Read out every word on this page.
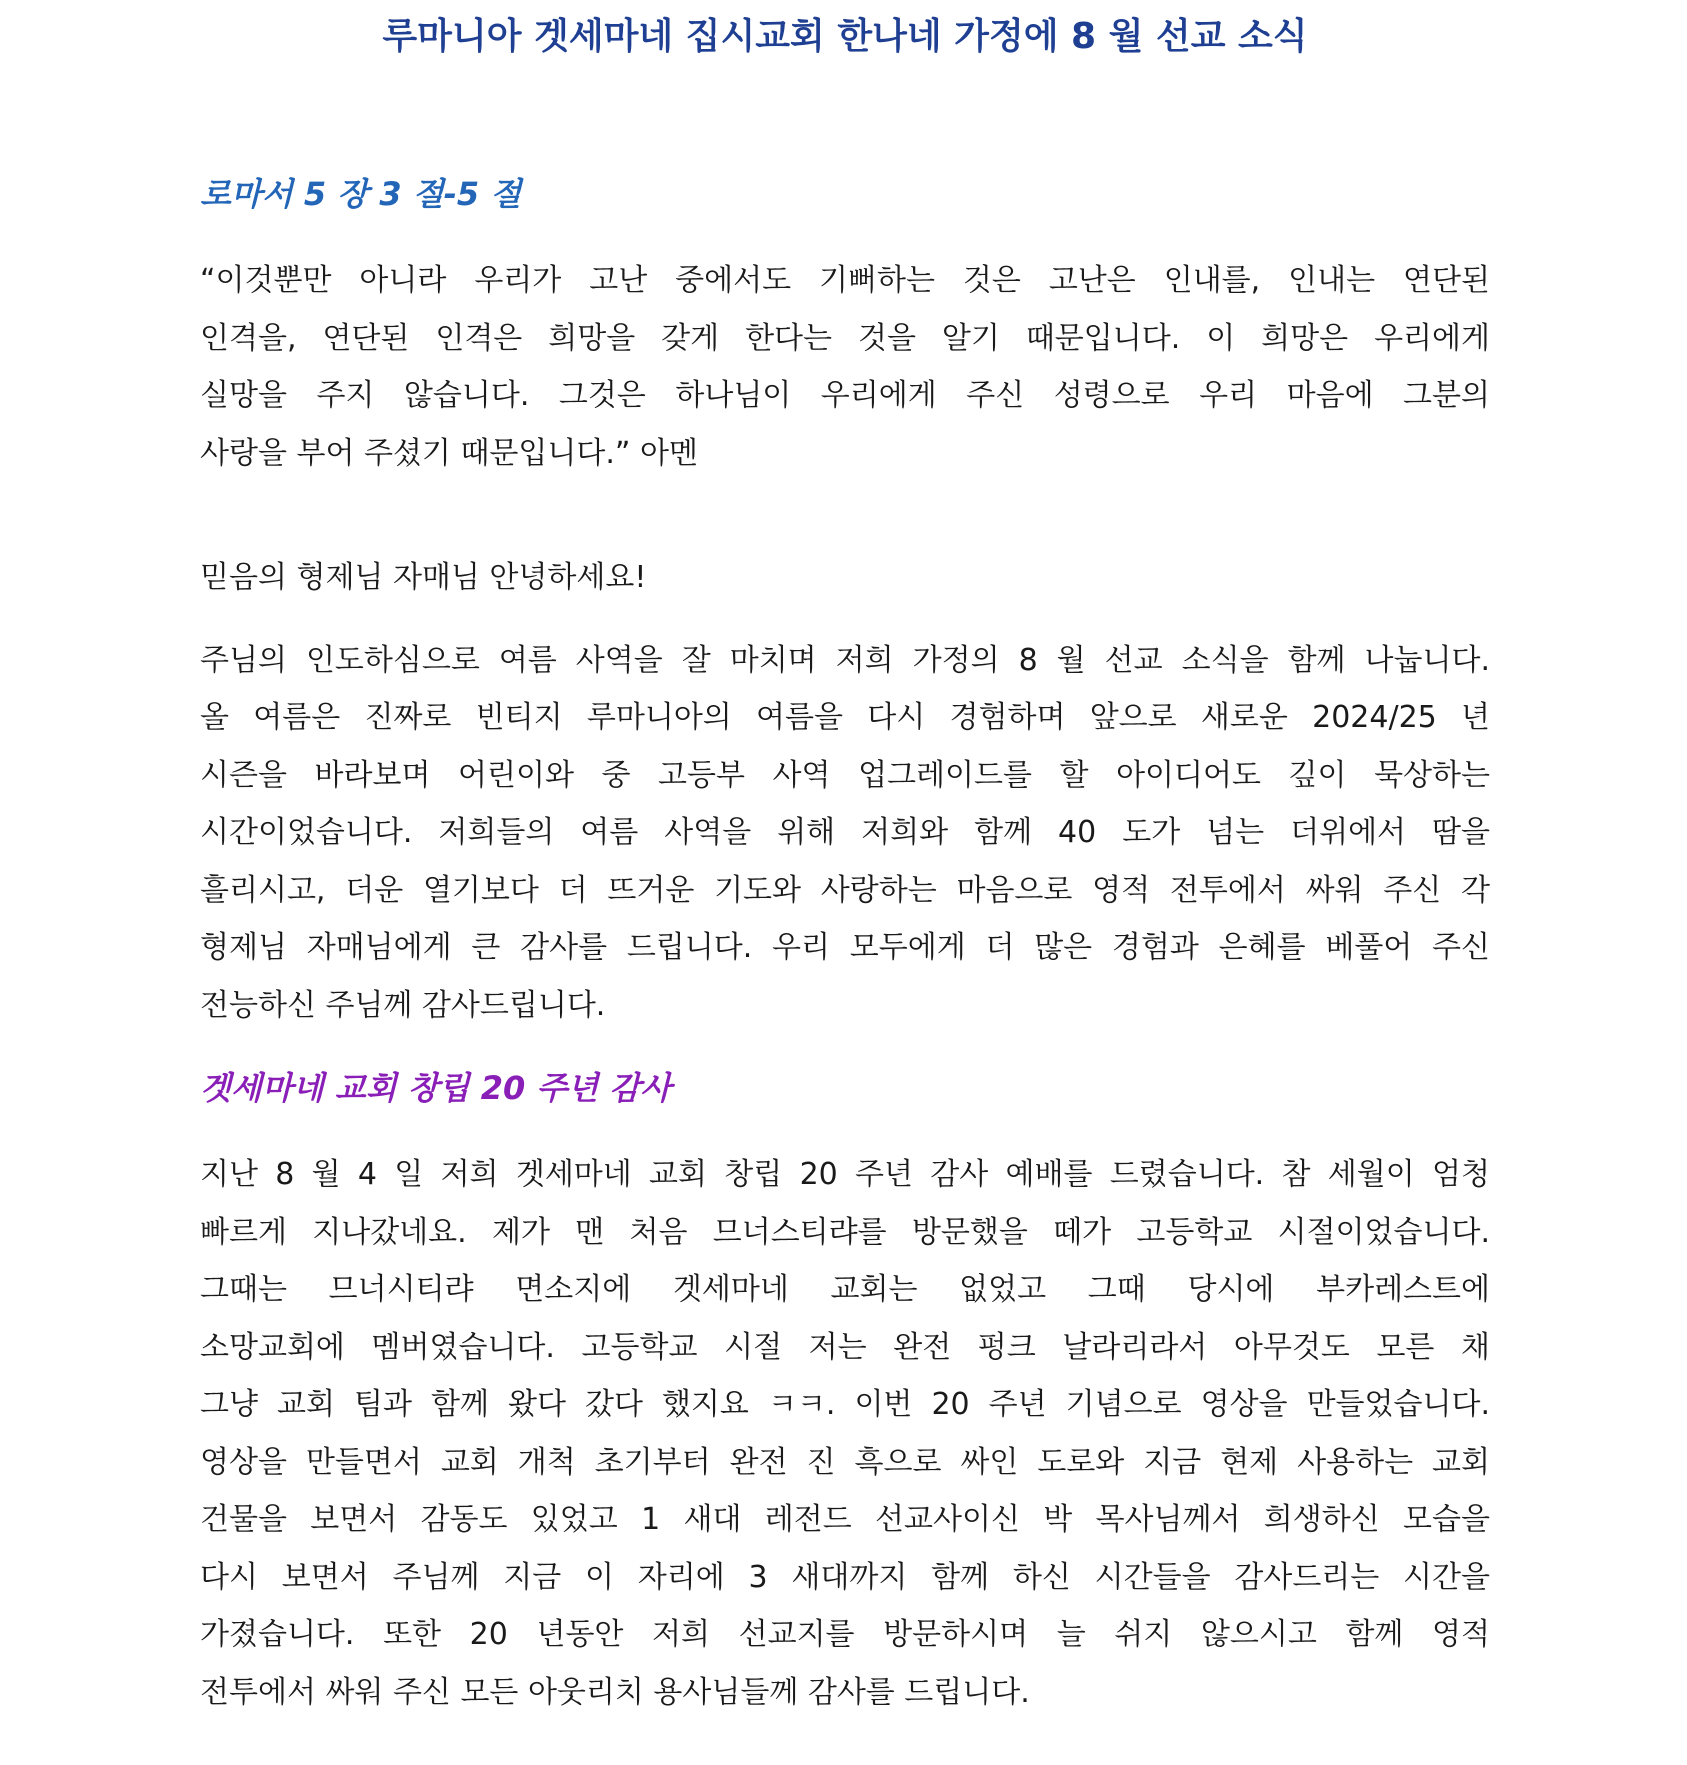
루마니아 겟세마네 집시교회 한나네 가정에 8 월 선교 소식
로마서 5 장 3 절-5 절
“이것뿐만 아니라 우리가 고난 중에서도 기뻐하는 것은 고난은 인내를, 인내는 연단된
인격을, 연단된 인격은 희망을 갖게 한다는 것을 알기 때문입니다. 이 희망은 우리에게
실망을 주지 않습니다. 그것은 하나님이 우리에게 주신 성령으로 우리 마음에 그분의
사랑을 부어 주셨기 때문입니다.” 아멘
믿음의 형제님 자매님 안녕하세요!
주님의 인도하심으로 여름 사역을 잘 마치며 저희 가정의 8 월 선교 소식을 함께 나눕니다.
올 여름은 진짜로 빈티지 루마니아의 여름을 다시 경험하며 앞으로 새로운 2024/25 년
시즌을 바라보며 어린이와 중 고등부 사역 업그레이드를 할 아이디어도 깊이 묵상하는
시간이었습니다. 저희들의 여름 사역을 위해 저희와 함께 40 도가 넘는 더위에서 땀을
흘리시고, 더운 열기보다 더 뜨거운 기도와 사랑하는 마음으로 영적 전투에서 싸워 주신 각
형제님 자매님에게 큰 감사를 드립니다. 우리 모두에게 더 많은 경험과 은혜를 베풀어 주신
전능하신 주님께 감사드립니다.
겟세마네 교회 창립 20 주년 감사
지난 8 월 4 일 저희 겟세마네 교회 창립 20 주년 감사 예배를 드렸습니다. 참 세월이 엄청
빠르게 지나갔네요. 제가 맨 처음 므너스티랴를 방문했을 떼가 고등학교 시절이었습니다.
그때는 므너시티랴 면소지에 겟세마네 교회는 없었고 그때 당시에 부카레스트에
소망교회에 멤버였습니다. 고등학교 시절 저는 완전 펑크 날라리라서 아무것도 모른 채
그냥 교회 팀과 함께 왔다 갔다 했지요 ㅋㅋ. 이번 20 주년 기념으로 영상을 만들었습니다.
영상을 만들면서 교회 개척 초기부터 완전 진 흑으로 싸인 도로와 지금 현제 사용하는 교회
건물을 보면서 감동도 있었고 1 새대 레전드 선교사이신 박 목사님께서 희생하신 모습을
다시 보면서 주님께 지금 이 자리에 3 새대까지 함께 하신 시간들을 감사드리는 시간을
가졌습니다. 또한 20 년동안 저희 선교지를 방문하시며 늘 쉬지 않으시고 함께 영적
전투에서 싸워 주신 모든 아웃리치 용사님들께 감사를 드립니다.
